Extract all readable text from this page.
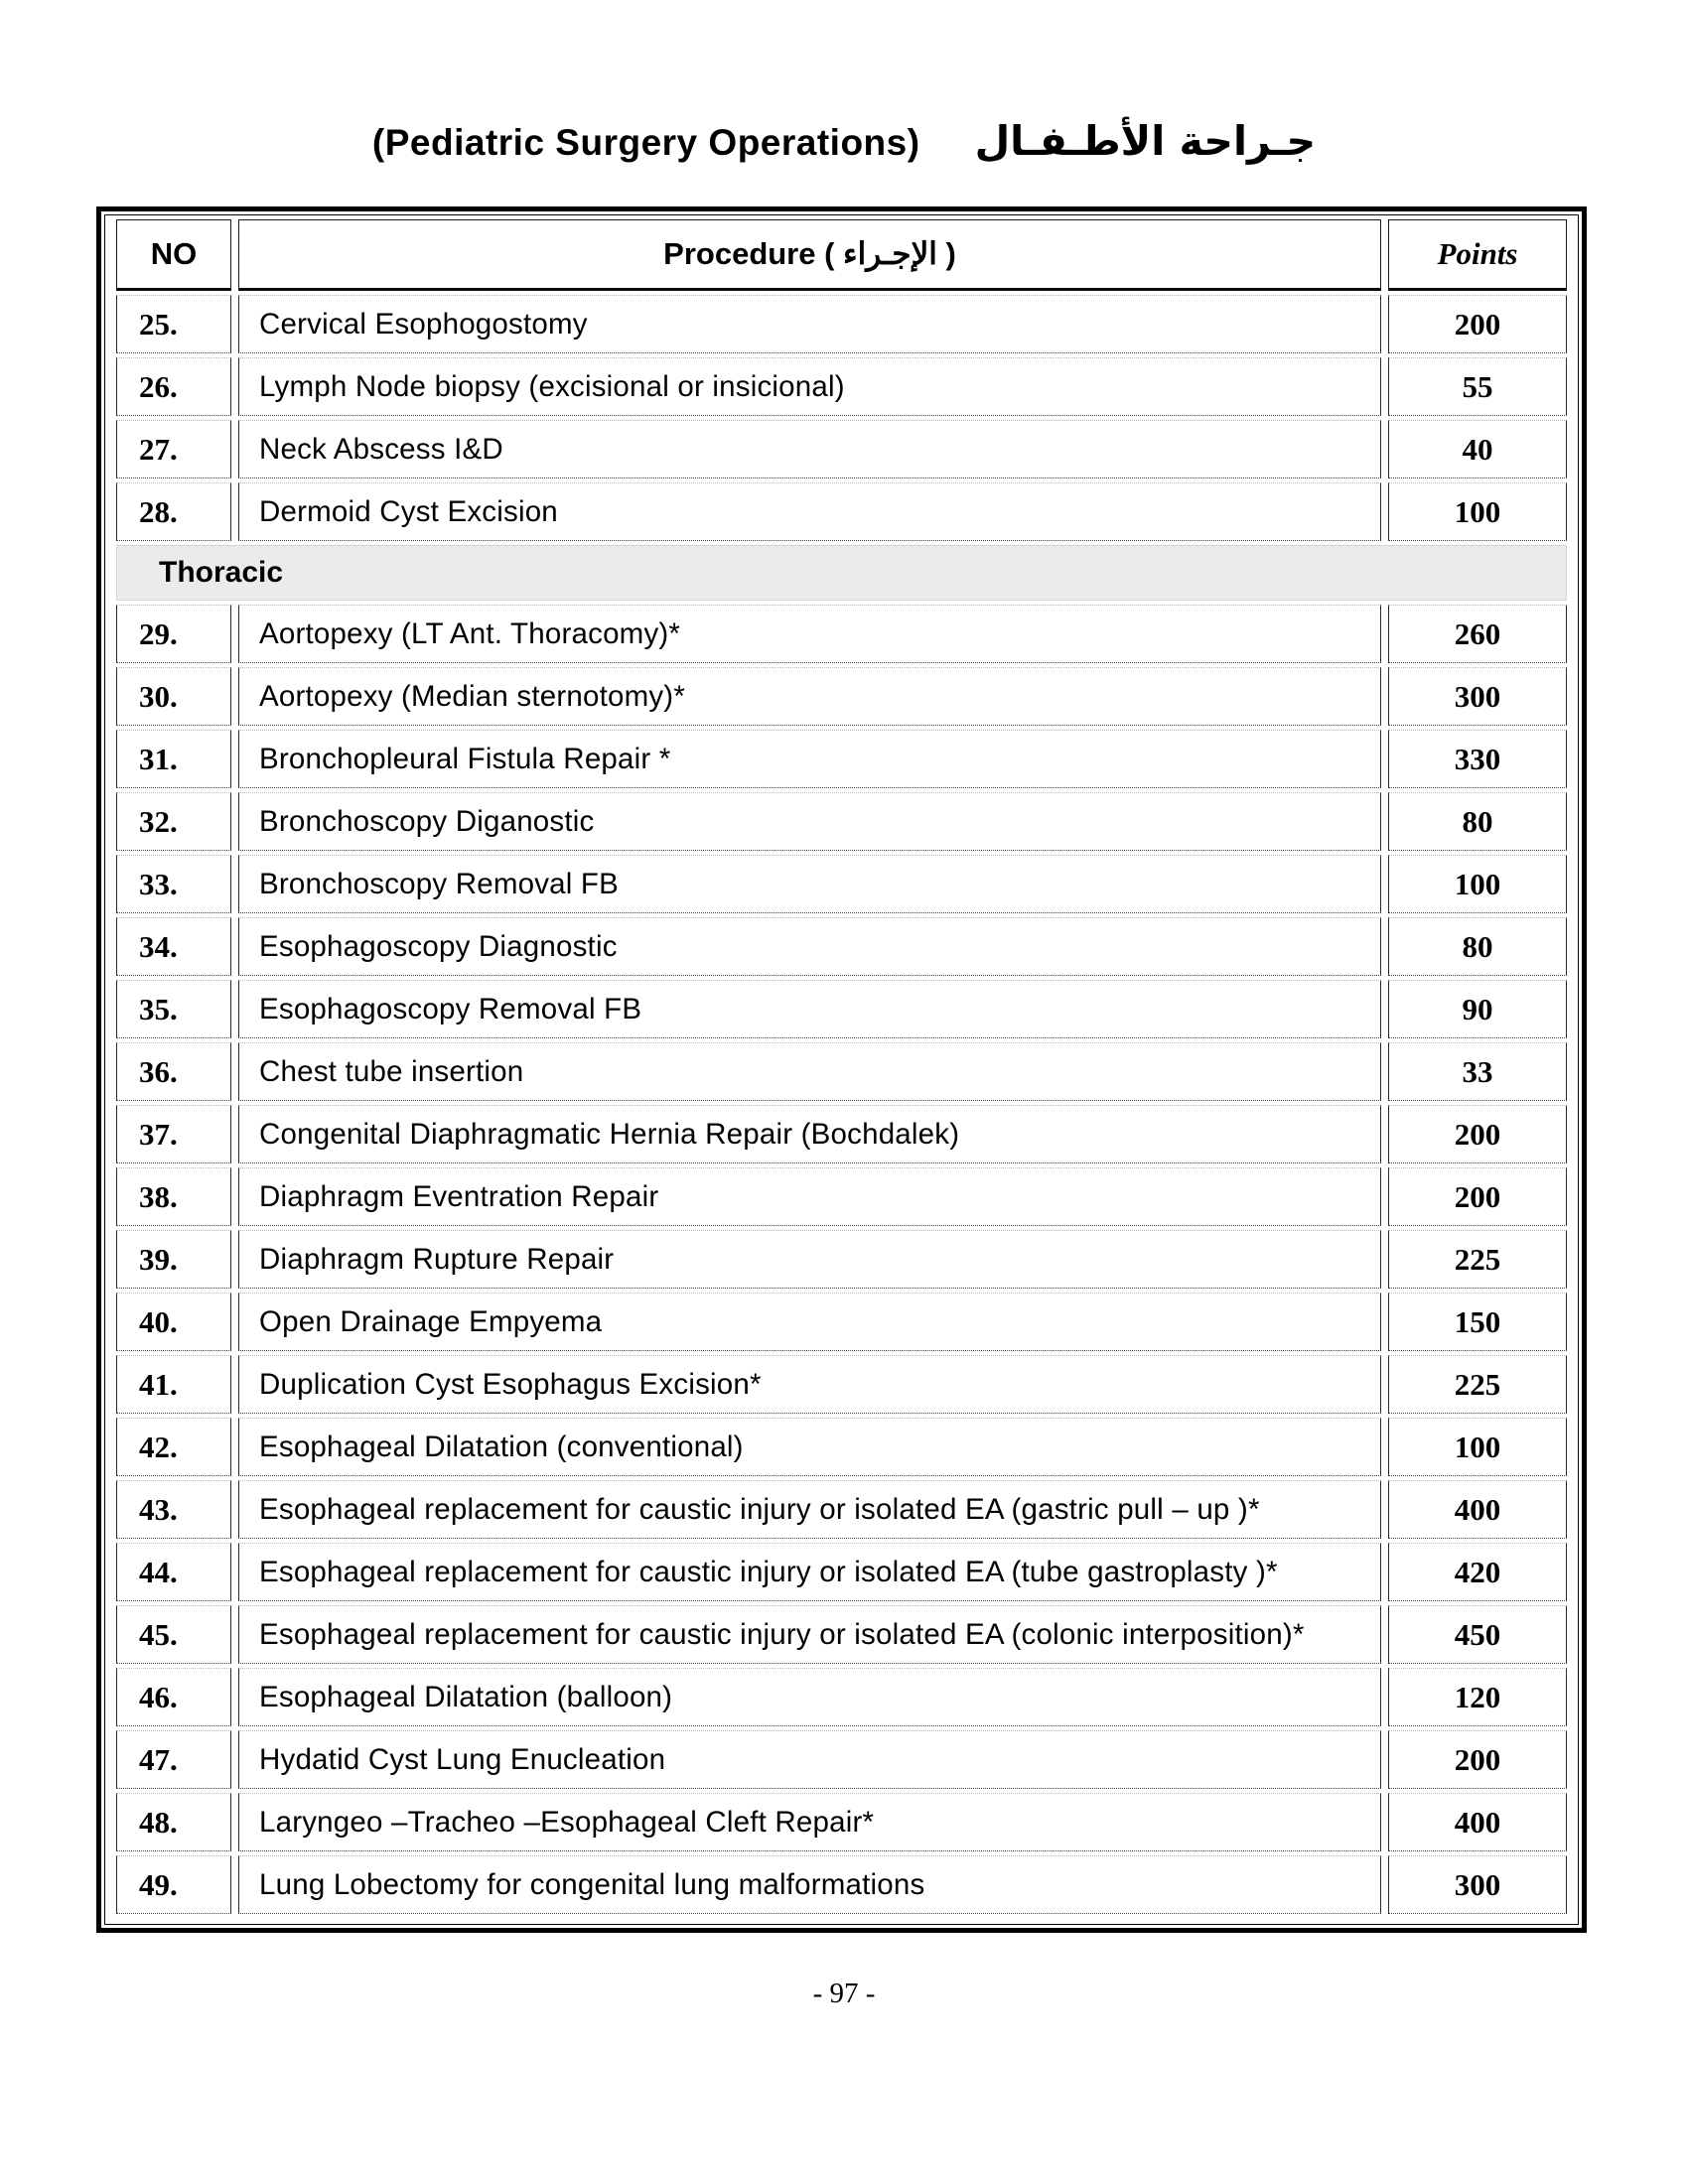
(Pediatric Surgery Operations) جـراحة الأطـفـال
NO	Procedure ( الإجـراء )	Points
25.	Cervical Esophogostomy	200
26.	Lymph Node biopsy (excisional or insicional)	55
27.	Neck Abscess I&D	40
28.	Dermoid Cyst Excision	100
Thoracic		
29.	Aortopexy (LT Ant. Thoracomy)*	260
30.	Aortopexy (Median sternotomy)*	300
31.	Bronchopleural Fistula Repair *	330
32.	Bronchoscopy Diganostic	80
33.	Bronchoscopy Removal FB	100
34.	Esophagoscopy Diagnostic	80
35.	Esophagoscopy Removal FB	90
36.	Chest tube insertion	33
37.	Congenital Diaphragmatic Hernia Repair (Bochdalek)	200
38.	Diaphragm Eventration Repair	200
39.	Diaphragm Rupture Repair	225
40.	Open Drainage Empyema	150
41.	Duplication Cyst Esophagus Excision*	225
42.	Esophageal Dilatation (conventional)	100
43.	Esophageal replacement for caustic injury or isolated EA (gastric pull – up )*	400
44.	Esophageal replacement for caustic injury or isolated EA (tube gastroplasty )*	420
45.	Esophageal replacement for caustic injury or isolated EA (colonic interposition)*	450
46.	Esophageal Dilatation (balloon)	120
47.	Hydatid Cyst Lung Enucleation	200
48.	Laryngeo –Tracheo –Esophageal Cleft Repair*	400
49.	Lung Lobectomy for congenital lung malformations	300
- 97 -
